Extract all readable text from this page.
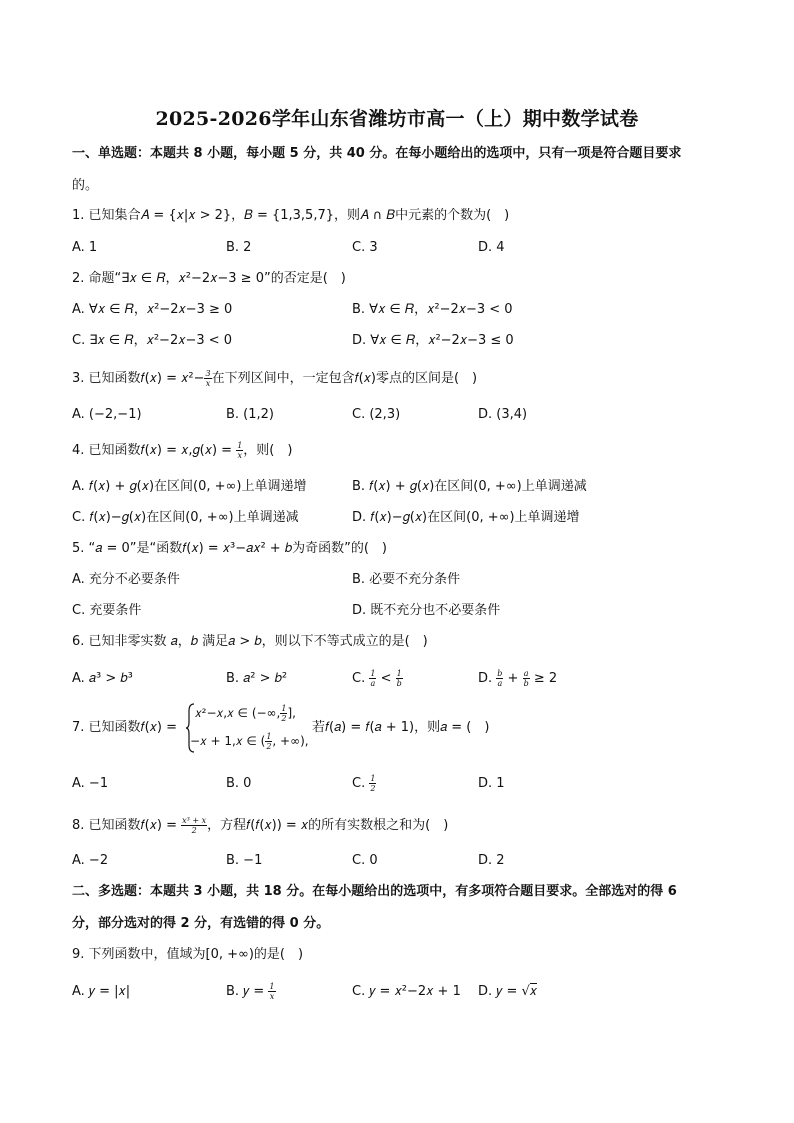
2025-2026学年山东省潍坊市高一（上）期中数学试卷
一、单选题：本题共 8 小题，每小题 5 分，共 40 分。在每小题给出的选项中，只有一项是符合题目要求
的。
1. 已知集合𝐴 = {𝑥|𝑥 > 2}，𝐵 = {1,3,5,7}，则𝐴 ∩ 𝐵中元素的个数为(　)
A. 1	B. 2	C. 3	D. 4
2. 命题“∃𝑥 ∈ 𝑅，𝑥²−2𝑥−3 ≥ 0”的否定是(　)
A. ∀𝑥 ∈ 𝑅，𝑥²−2𝑥−3 ≥ 0	B. ∀𝑥 ∈ 𝑅，𝑥²−2𝑥−3 < 0
C. ∃𝑥 ∈ 𝑅，𝑥²−2𝑥−3 < 0	D. ∀𝑥 ∈ 𝑅，𝑥²−2𝑥−3 ≤ 0
3. 已知函数𝑓(𝑥) = 𝑥²− $\frac{3}{\text{𝑥}}$ 在下列区间中，一定包含𝑓(𝑥)零点的区间是(　)
A. (−2,−1)	B. (1,2)	C. (2,3)	D. (3,4)
4. 已知函数𝑓(𝑥) = 𝑥,𝑔(𝑥) = $\frac{1}{\text{𝑥}}$ ，则(　)
A. 𝑓(𝑥) + 𝑔(𝑥)在区间(0, +∞)上单调递增	B. 𝑓(𝑥) + 𝑔(𝑥)在区间(0, +∞)上单调递减
C. 𝑓(𝑥)−𝑔(𝑥)在区间(0, +∞)上单调递减	D. 𝑓(𝑥)−𝑔(𝑥)在区间(0, +∞)上单调递增
5. “𝑎 = 0”是“函数𝑓(𝑥) = 𝑥³−𝑎𝑥² + 𝑏为奇函数”的(　)
A. 充分不必要条件	B. 必要不充分条件
C. 充要条件	D. 既不充分也不必要条件
6. 已知非零实数 𝑎，𝑏 满足𝑎 > 𝑏，则以下不等式成立的是(　)
A. 𝑎³ > 𝑏³	B. 𝑎² > 𝑏²	C. $\frac{1}{\text{𝑎}} < \frac{1}{\text{𝑏}}$	D. $\frac{\text{𝑏}}{\text{𝑎}} + \frac{\text{𝑎}}{\text{𝑏}} \ge 2$
7. 已知函数𝑓(𝑥) =
𝑥²−𝑥,𝑥 ∈ (−∞, $\frac{1}{2}$ ],
−𝑥 + 1,𝑥 ∈ ( $\frac{1}{2}$ , +∞),
若𝑓(𝑎) = 𝑓(𝑎 + 1)，则𝑎 = (　)
A. −1	B. 0	C. $\frac{1}{2}$	D. 1
8. 已知函数𝑓(𝑥) = $\frac{\text{𝑥³ + 𝑥}}{2}$ ，方程𝑓(𝑓(𝑥)) = 𝑥的所有实数根之和为(　)
A. −2	B. −1	C. 0	D. 2
二、多选题：本题共 3 小题，共 18 分。在每小题给出的选项中，有多项符合题目要求。全部选对的得 6
分，部分选对的得 2 分，有选错的得 0 分。
9. 下列函数中，值域为[0, +∞)的是(　)
A. 𝑦 = |𝑥|	B. 𝑦 = $\frac{1}{\text{𝑥}}$	C. 𝑦 = 𝑥²−2𝑥 + 1 D. 𝑦 = √𝑥
